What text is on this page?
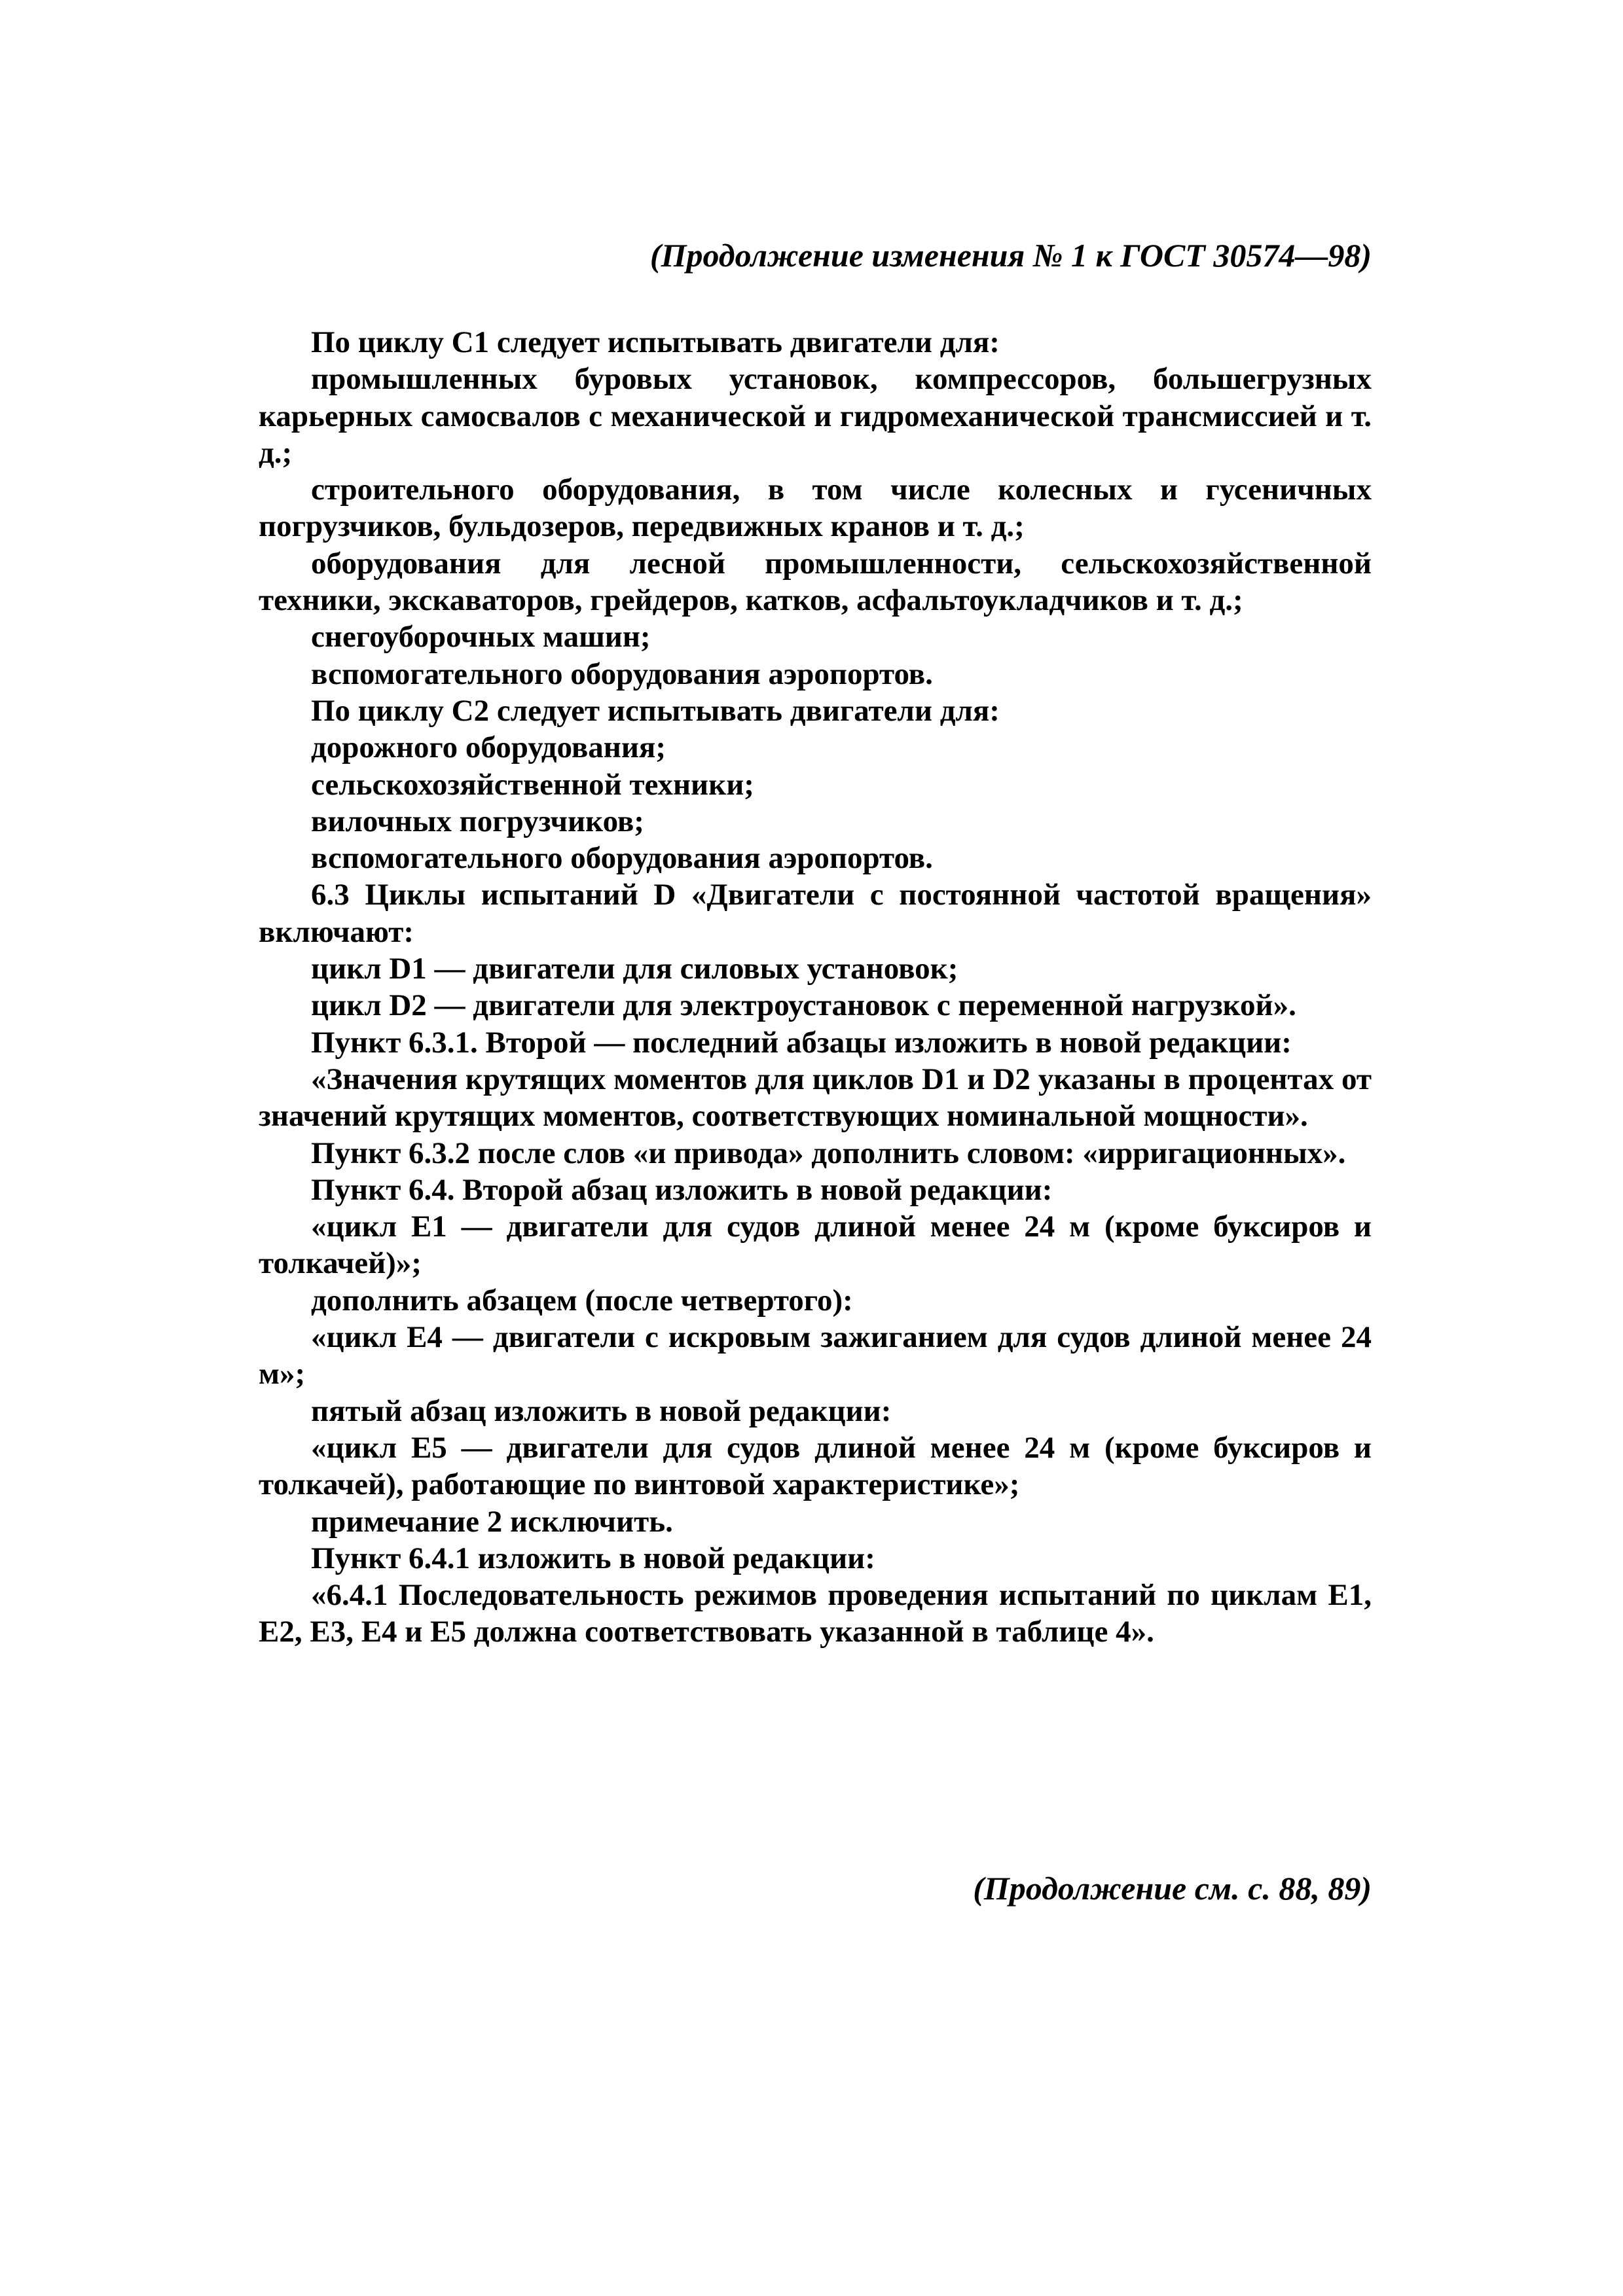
(Продолжение изменения № 1 к ГОСТ 30574—98)

По циклу С1 следует испытывать двигатели для:

промышленных буровых установок, компрессоров, большегрузных карьерных самосвалов с механической и гидромеханической трансмиссией и т. д.;

строительного оборудования, в том числе колесных и гусеничных погрузчиков, бульдозеров, передвижных кранов и т. д.;

оборудования для лесной промышленности, сельскохозяйственной техники, экскаваторов, грейдеров, катков, асфальтоукладчиков и т. д.;

снегоуборочных машин;

вспомогательного оборудования аэропортов.

По циклу С2 следует испытывать двигатели для:

дорожного оборудования;

сельскохозяйственной техники;

вилочных погрузчиков;

вспомогательного оборудования аэропортов.

6.3 Циклы испытаний D «Двигатели с постоянной частотой вращения» включают:

цикл D1 — двигатели для силовых установок;

цикл D2 — двигатели для электроустановок с переменной нагрузкой».

Пункт 6.3.1. Второй — последний абзацы изложить в новой редакции:

«Значения крутящих моментов для циклов D1 и D2 указаны в процентах от значений крутящих моментов, соответствующих номинальной мощности».

Пункт 6.3.2 после слов «и привода» дополнить словом: «ирригационных».

Пункт 6.4. Второй абзац изложить в новой редакции:

«цикл Е1 — двигатели для судов длиной менее 24 м (кроме буксиров и толкачей)»;

дополнить абзацем (после четвертого):

«цикл Е4 — двигатели с искровым зажиганием для судов длиной менее 24 м»;

пятый абзац изложить в новой редакции:

«цикл Е5 — двигатели для судов длиной менее 24 м (кроме буксиров и толкачей), работающие по винтовой характеристике»;

примечание 2 исключить.

Пункт 6.4.1 изложить в новой редакции:

«6.4.1 Последовательность режимов проведения испытаний по циклам Е1, Е2, Е3, Е4 и Е5 должна соответствовать указанной в таблице 4».

(Продолжение см. с. 88, 89)
